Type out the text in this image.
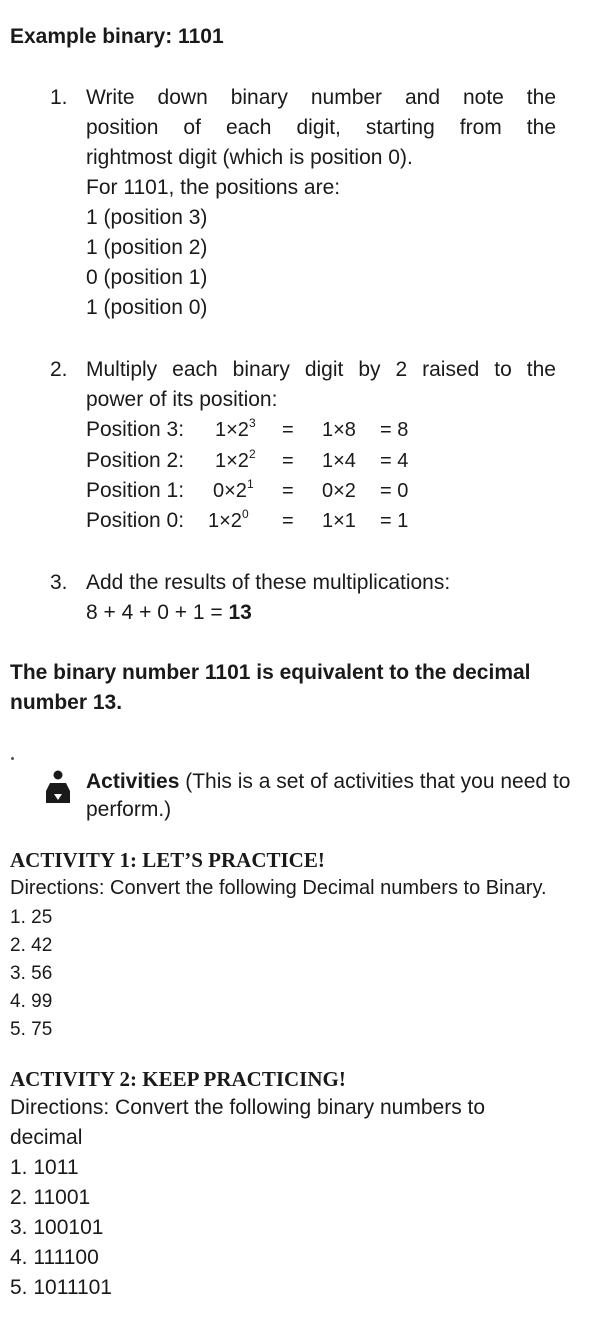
Example binary: 1101
1. Write down binary number and note the
position of each digit, starting from the
rightmost digit (which is position 0).
For 1101, the positions are:
1 (position 3)
1 (position 2)
0 (position 1)
1 (position 0)
2. Multiply each binary digit by 2 raised to the
power of its position:
Position 3: $1\times 2^3 = 1\times 8 = 8$
Position 2: $1\times 2^2 = 1\times 4 = 4$
Position 1: $0\times 2^1 = 0\times 2 = 0$
Position 0: $1\times 2^0 = 1\times 1 = 1$
3. Add the results of these multiplications:
8 + 4 + 0 + 1 = 13
The binary number 1101 is equivalent to the decimal
number 13.
Activities (This is a set of activities that you need to
perform.)
ACTIVITY 1: LET’S PRACTICE!
Directions: Convert the following Decimal numbers to Binary.
1. 25
2. 42
3. 56
4. 99
5. 75
ACTIVITY 2: KEEP PRACTICING!
Directions: Convert the following binary numbers to
decimal
1. 1011
2. 11001
3. 100101
4. 111100
5. 1011101
